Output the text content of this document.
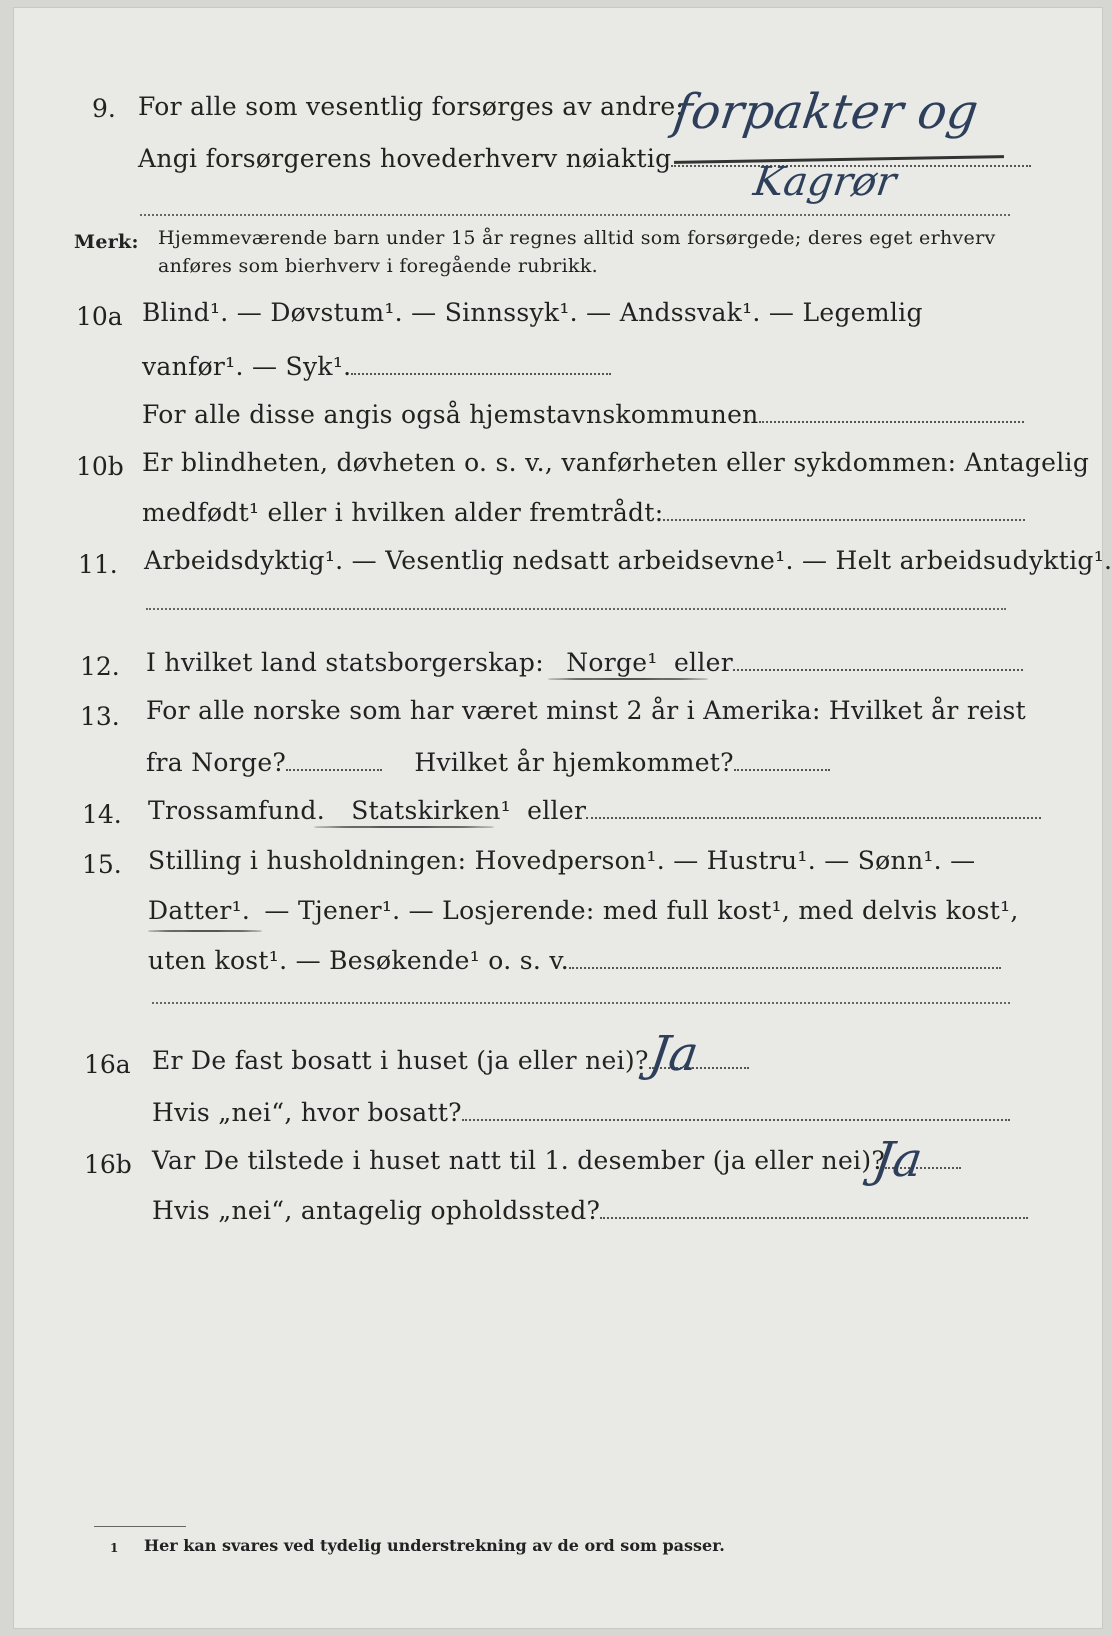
9. For alle som vesentlig forsørges av andre:
Angi forsørgerens hovederhverv nøiaktig
forpakter og
Kagrør
Merk: Hjemmeværende barn under 15 år regnes alltid som forsørgede; deres eget erhverv
anføres som bierhverv i foregående rubrikk.
10a Blind¹. — Døvstum¹. — Sinnssyk¹. — Andssvak¹. — Legemlig
vanfør¹. — Syk¹.
For alle disse angis også hjemstavnskommunen
10b Er blindheten, døvheten o. s. v., vanførheten eller sykdommen: Antagelig
medfødt¹ eller i hvilken alder fremtrådt:
11. Arbeidsdyktig¹. — Vesentlig nedsatt arbeidsevne¹. — Helt arbeidsudyktig¹.
12. I hvilket land statsborgerskap: Norge¹ eller
13. For alle norske som har været minst 2 år i Amerika: Hvilket år reist
fra Norge?	Hvilket år hjemkommet?
14. Trossamfund. Statskirken¹ eller
15. Stilling i husholdningen: Hovedperson¹. — Hustru¹. — Sønn¹. —
Datter¹. — Tjener¹. — Losjerende: med full kost¹, med delvis kost¹,
uten kost¹. — Besøkende¹ o. s. v.
16a Er De fast bosatt i huset (ja eller nei)?
Ja
Hvis „nei“, hvor bosatt?
16b Var De tilstede i huset natt til 1. desember (ja eller nei)?
Ja
Hvis „nei“, antagelig opholdssted?
1 Her kan svares ved tydelig understrekning av de ord som passer.
